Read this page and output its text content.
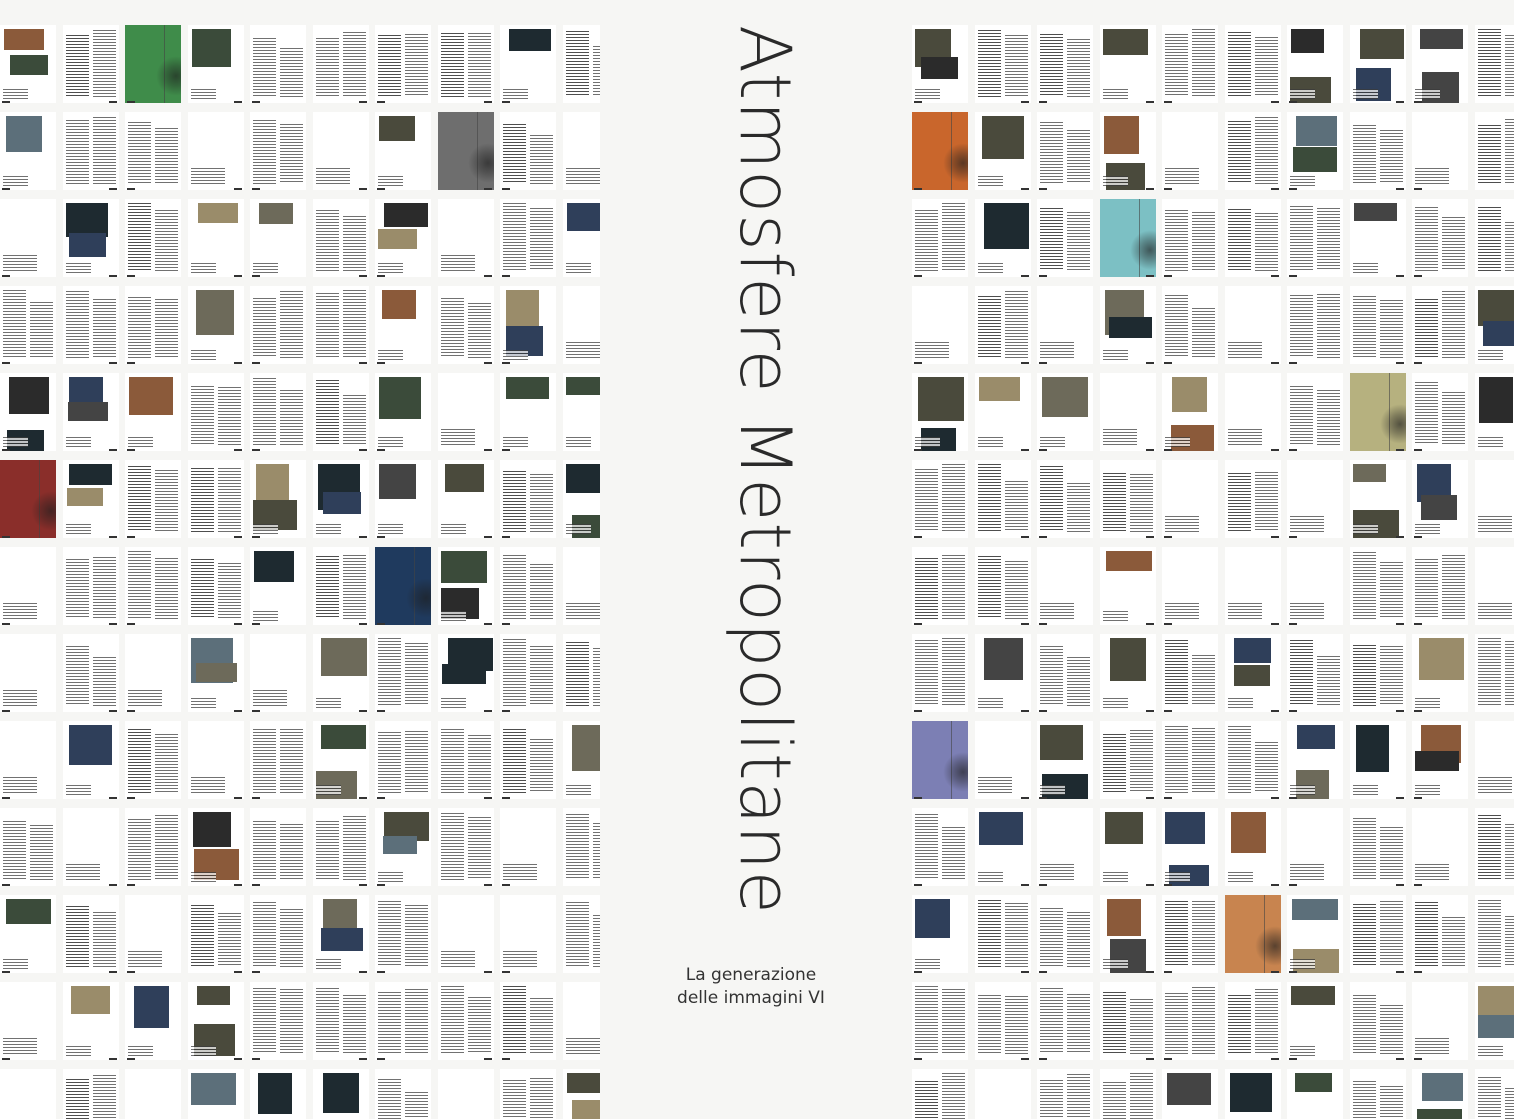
Atmosfere Metropolitane
La generazione
delle immagini VI
